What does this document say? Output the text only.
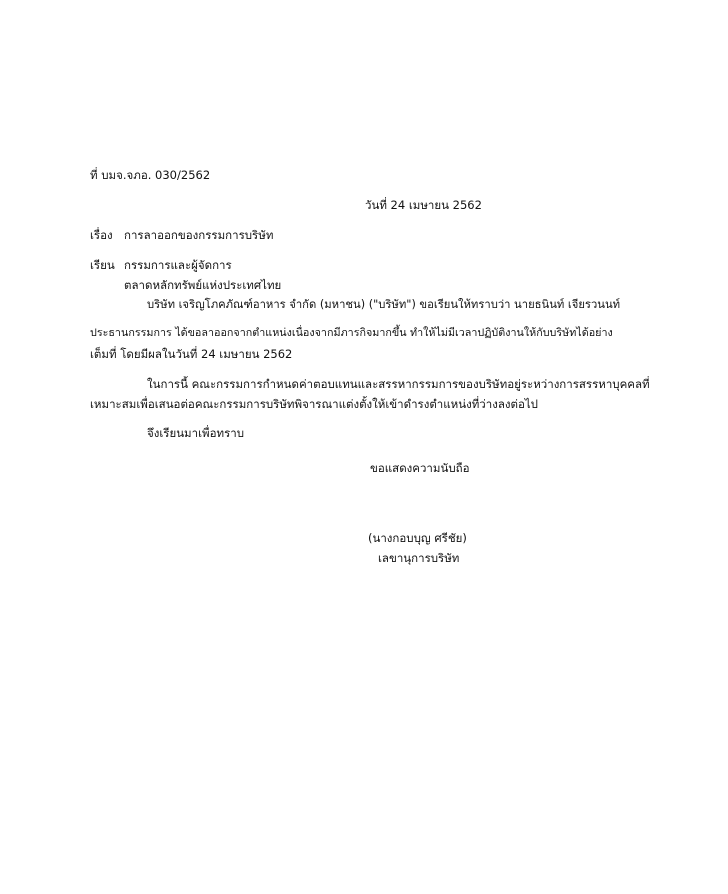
ที่ บมจ.จภอ. 030/2562
วันที่ 24 เมษายน 2562
เรื่อง การลาออกของกรรมการบริษัท
เรียน กรรมการและผู้จัดการ
ตลาดหลักทรัพย์แห่งประเทศไทย
บริษัท เจริญโภคภัณฑ์อาหาร จำกัด (มหาชน) ("บริษัท") ขอเรียนให้ทราบว่า นายธนินท์ เจียรวนนท์
ประธานกรรมการ ได้ขอลาออกจากตำแหน่งเนื่องจากมีภารกิจมากขึ้น ทำให้ไม่มีเวลาปฏิบัติงานให้กับบริษัทได้อย่าง
เต็มที่ โดยมีผลในวันที่ 24 เมษายน 2562
ในการนี้ คณะกรรมการกำหนดค่าตอบแทนและสรรหากรรมการของบริษัทอยู่ระหว่างการสรรหาบุคคลที่
เหมาะสมเพื่อเสนอต่อคณะกรรมการบริษัทพิจารณาแต่งตั้งให้เข้าดำรงตำแหน่งที่ว่างลงต่อไป
จึงเรียนมาเพื่อทราบ
ขอแสดงความนับถือ
(นางกอบบุญ ศรีชัย)
เลขานุการบริษัท
